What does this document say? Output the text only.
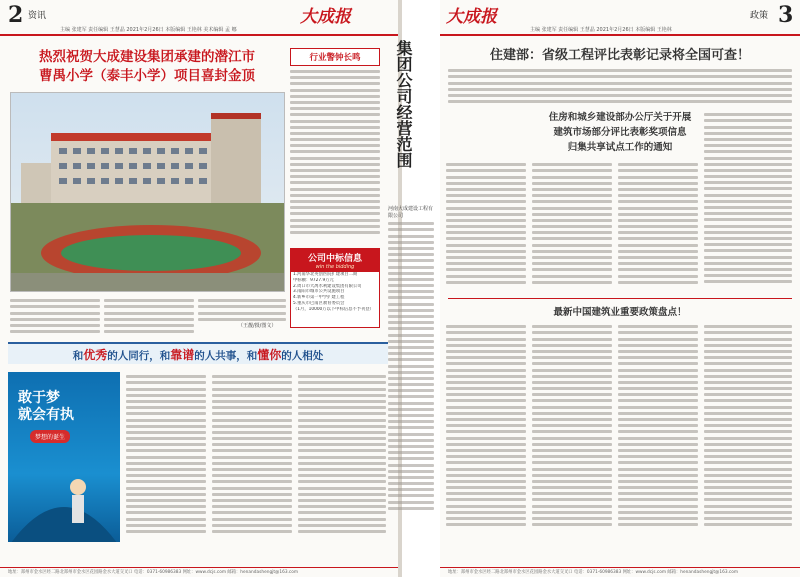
2 资讯	大成报
主编 张建军 责任编辑 王慧晶 2021年2月26日 本版编辑 王艳林 美术编辑 孟 娜
热烈祝贺大成建设集团承建的潜江市
曹禺小学（泰丰小学）项目喜封金顶
（王靓/摄/图文）
行业警钟长鸣
公司中标信息
win the bidding
1.河南华北英创医院扩建项目二期
中标额：9727.9万元
2.周口市大禹水利建设集团有限公司
3.南阳市城市公共设施项目
4.新乡市第一中学扩建工程
5.重庆市巴南区教育委员会
（1月，10000万以下中标信息不予刊登）
和优秀的人同行，和靠谱的人共事，和懂你的人相处
敢于梦
就会有执
梦想的诞生
地址：郑州市金水区经二路北郑州市金水区花园路金水大道交叉口 电话：0371-60986383 网址：www.dcjs.com 邮箱：henandashengjt@163.com
集团公司经营范围
河南大成建设工程有限公司
大成报	政策 3
主编 张建军 责任编辑 王慧晶 2021年2月26日 本版编辑 王艳林
住建部：省级工程评比表彰记录将全国可查！
住房和城乡建设部办公厅关于开展
建筑市场部分评比表彰奖项信息
归集共享试点工作的通知
最新中国建筑业重要政策盘点！
地址：郑州市金水区经二路北郑州市金水区花园路金水大道交叉口 电话：0371-60986383 网址：www.dcjs.com 邮箱：henandashengjt@163.com
